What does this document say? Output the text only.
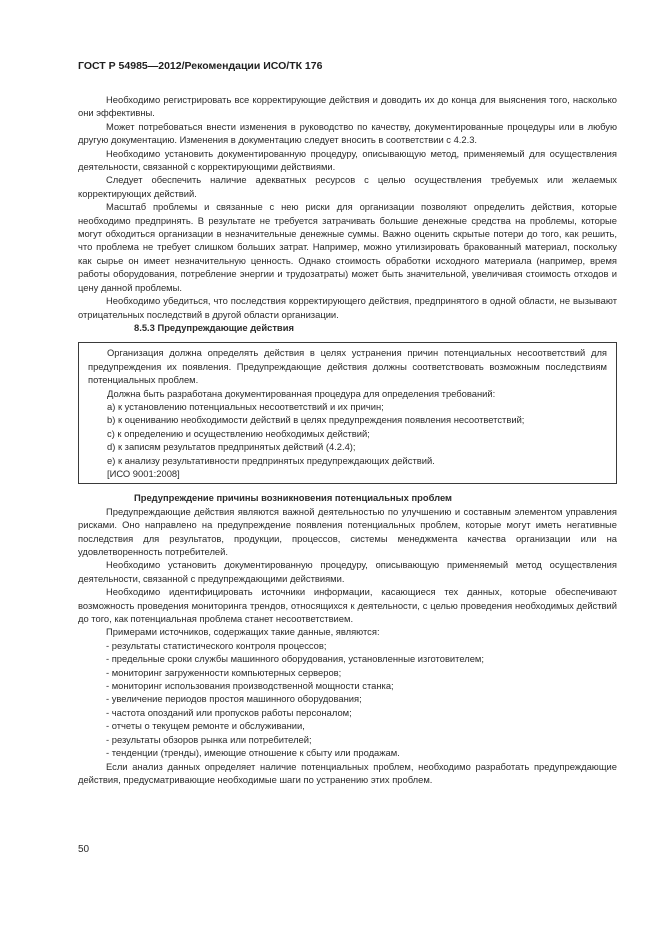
ГОСТ Р 54985—2012/Рекомендации ИСО/ТК 176

Необходимо регистрировать все корректирующие действия и доводить их до конца для выяснения того, насколько они эффективны.

Может потребоваться внести изменения в руководство по качеству, документированные процедуры или в любую другую документацию. Изменения в документацию следует вносить в соответствии с 4.2.3.

Необходимо установить документированную процедуру, описывающую метод, применяемый для осуществления деятельности, связанной с корректирующими действиями.

Следует обеспечить наличие адекватных ресурсов с целью осуществления требуемых или желаемых корректирующих действий.

Масштаб проблемы и связанные с нею риски для организации позволяют определить действия, которые необходимо предпринять. В результате не требуется затрачивать большие денежные средства на проблемы, которые могут обходиться организации в незначительные денежные суммы. Важно оценить скрытые потери до того, как решить, что проблема не требует слишком больших затрат. Например, можно утилизировать бракованный материал, поскольку как сырье он имеет незначительную ценность. Однако стоимость обработки исходного материала (например, время работы оборудования, потребление энергии и трудозатраты) может быть значительной, увеличивая стоимость отходов и цену данной проблемы.

Необходимо убедиться, что последствия корректирующего действия, предпринятого в одной области, не вызывают отрицательных последствий в другой области организации.

8.5.3 Предупреждающие действия

Организация должна определять действия в целях устранения причин потенциальных несоответствий для предупреждения их появления. Предупреждающие действия должны соответствовать возможным последствиям потенциальных проблем.

Должна быть разработана документированная процедура для определения требований:

а) к установлению потенциальных несоответствий и их причин;

b) к оцениванию необходимости действий в целях предупреждения появления несоответствий;

с) к определению и осуществлению необходимых действий;

d) к записям результатов предпринятых действий (4.2.4);

е) к анализу результативности предпринятых предупреждающих действий.

[ИСО 9001:2008]

Предупреждение причины возникновения потенциальных проблем

Предупреждающие действия являются важной деятельностью по улучшению и составным элементом управления рисками. Оно направлено на предупреждение появления потенциальных проблем, которые могут иметь негативные последствия для результатов, продукции, процессов, системы менеджмента качества организации или на удовлетворенность потребителей.

Необходимо установить документированную процедуру, описывающую применяемый метод осуществления деятельности, связанной с предупреждающими действиями.

Необходимо идентифицировать источники информации, касающиеся тех данных, которые обеспечивают возможность проведения мониторинга трендов, относящихся к деятельности, с целью проведения необходимых действий до того, как потенциальная проблема станет несоответствием.

Примерами источников, содержащих такие данные, являются:

- результаты статистического контроля процессов;

- предельные сроки службы машинного оборудования, установленные изготовителем;

- мониторинг загруженности компьютерных серверов;

- мониторинг использования производственной мощности станка;

- увеличение периодов простоя машинного оборудования;

- частота опозданий или пропусков работы персоналом;

- отчеты о текущем ремонте и обслуживании,

- результаты обзоров рынка или потребителей;

- тенденции (тренды), имеющие отношение к сбыту или продажам.

Если анализ данных определяет наличие потенциальных проблем, необходимо разработать предупреждающие действия, предусматривающие необходимые шаги по устранению этих проблем.

50
